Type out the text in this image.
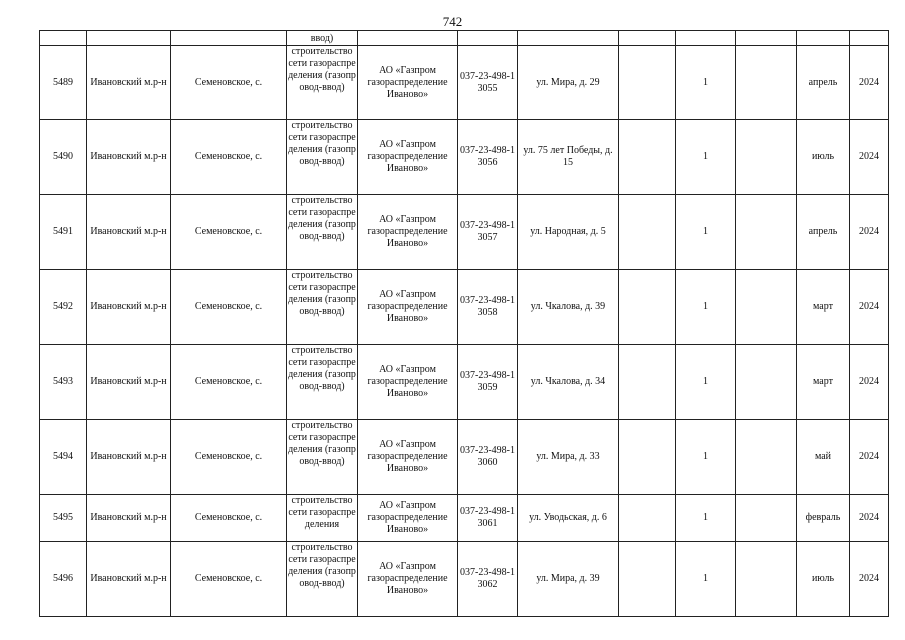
742
			ввод)								
5489	Ивановский м.р-н	Семеновское, с.	строительство сети газораспределения (газопровод-ввод)	АО «Газпром газораспределение Иваново»	037-23-498-13055	ул. Мира, д. 29		1		апрель	2024
5490	Ивановский м.р-н	Семеновское, с.	строительство сети газораспределения (газопровод-ввод)	АО «Газпром газораспределение Иваново»	037-23-498-13056	ул. 75 лет Победы, д. 15		1		июль	2024
5491	Ивановский м.р-н	Семеновское, с.	строительство сети газораспределения (газопровод-ввод)	АО «Газпром газораспределение Иваново»	037-23-498-13057	ул. Народная, д. 5		1		апрель	2024
5492	Ивановский м.р-н	Семеновское, с.	строительство сети газораспределения (газопровод-ввод)	АО «Газпром газораспределение Иваново»	037-23-498-13058	ул. Чкалова, д. 39		1		март	2024
5493	Ивановский м.р-н	Семеновское, с.	строительство сети газораспределения (газопровод-ввод)	АО «Газпром газораспределение Иваново»	037-23-498-13059	ул. Чкалова, д. 34		1		март	2024
5494	Ивановский м.р-н	Семеновское, с.	строительство сети газораспределения (газопровод-ввод)	АО «Газпром газораспределение Иваново»	037-23-498-13060	ул. Мира, д. 33		1		май	2024
5495	Ивановский м.р-н	Семеновское, с.	строительство сети газораспределения	АО «Газпром газораспределение Иваново»	037-23-498-13061	ул. Уводьская, д. 6		1		февраль	2024
5496	Ивановский м.р-н	Семеновское, с.	строительство сети газораспределения (газопровод-ввод)	АО «Газпром газораспределение Иваново»	037-23-498-13062	ул. Мира, д. 39		1		июль	2024
